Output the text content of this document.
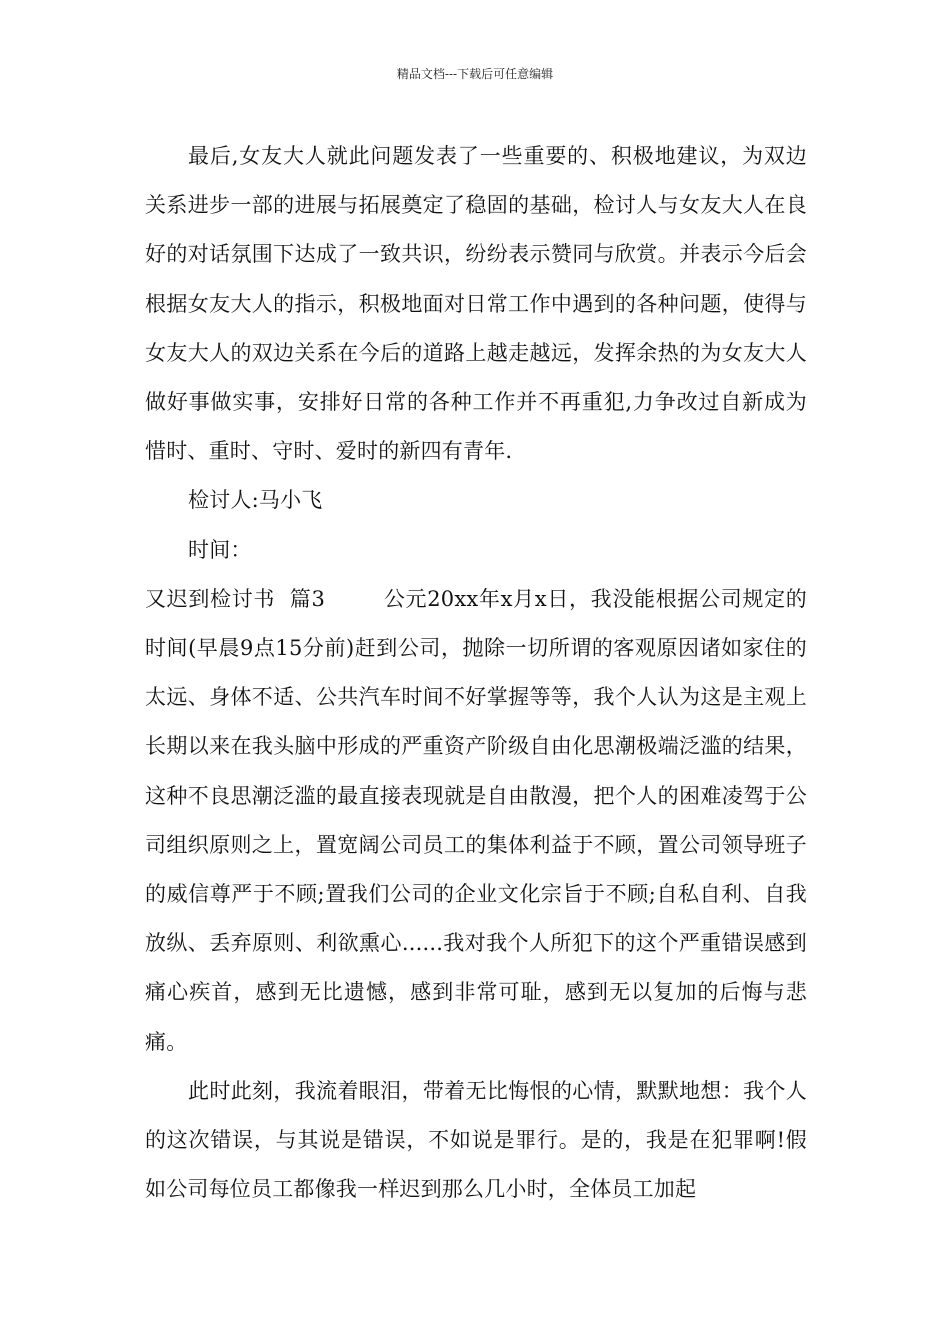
精品文档---下载后可任意编辑

最后,女友大人就此问题发表了一些重要的、积极地建议，为双边关系进步一部的进展与拓展奠定了稳固的基础，检讨人与女友大人在良好的对话氛围下达成了一致共识，纷纷表示赞同与欣赏。并表示今后会根据女友大人的指示，积极地面对日常工作中遇到的各种问题，使得与女友大人的双边关系在今后的道路上越走越远，发挥余热的为女友大人做好事做实事，安排好日常的各种工作并不再重犯,力争改过自新成为惜时、重时、守时、爱时的新四有青年.

检讨人:马小飞

时间：

又迟到检讨书  篇3        公元20xx年x月x日，我没能根据公司规定的时间(早晨9点15分前)赶到公司，抛除一切所谓的客观原因诸如家住的太远、身体不适、公共汽车时间不好掌握等等，我个人认为这是主观上长期以来在我头脑中形成的严重资产阶级自由化思潮极端泛滥的结果，这种不良思潮泛滥的最直接表现就是自由散漫，把个人的困难凌驾于公司组织原则之上，置宽阔公司员工的集体利益于不顾，置公司领导班子的威信尊严于不顾;置我们公司的企业文化宗旨于不顾;自私自利、自我放纵、丢弃原则、利欲熏心......我对我个人所犯下的这个严重错误感到痛心疾首，感到无比遗憾，感到非常可耻，感到无以复加的后悔与悲痛。

此时此刻，我流着眼泪，带着无比悔恨的心情，默默地想：我个人的这次错误，与其说是错误，不如说是罪行。是的，我是在犯罪啊!假如公司每位员工都像我一样迟到那么几小时，全体员工加起
